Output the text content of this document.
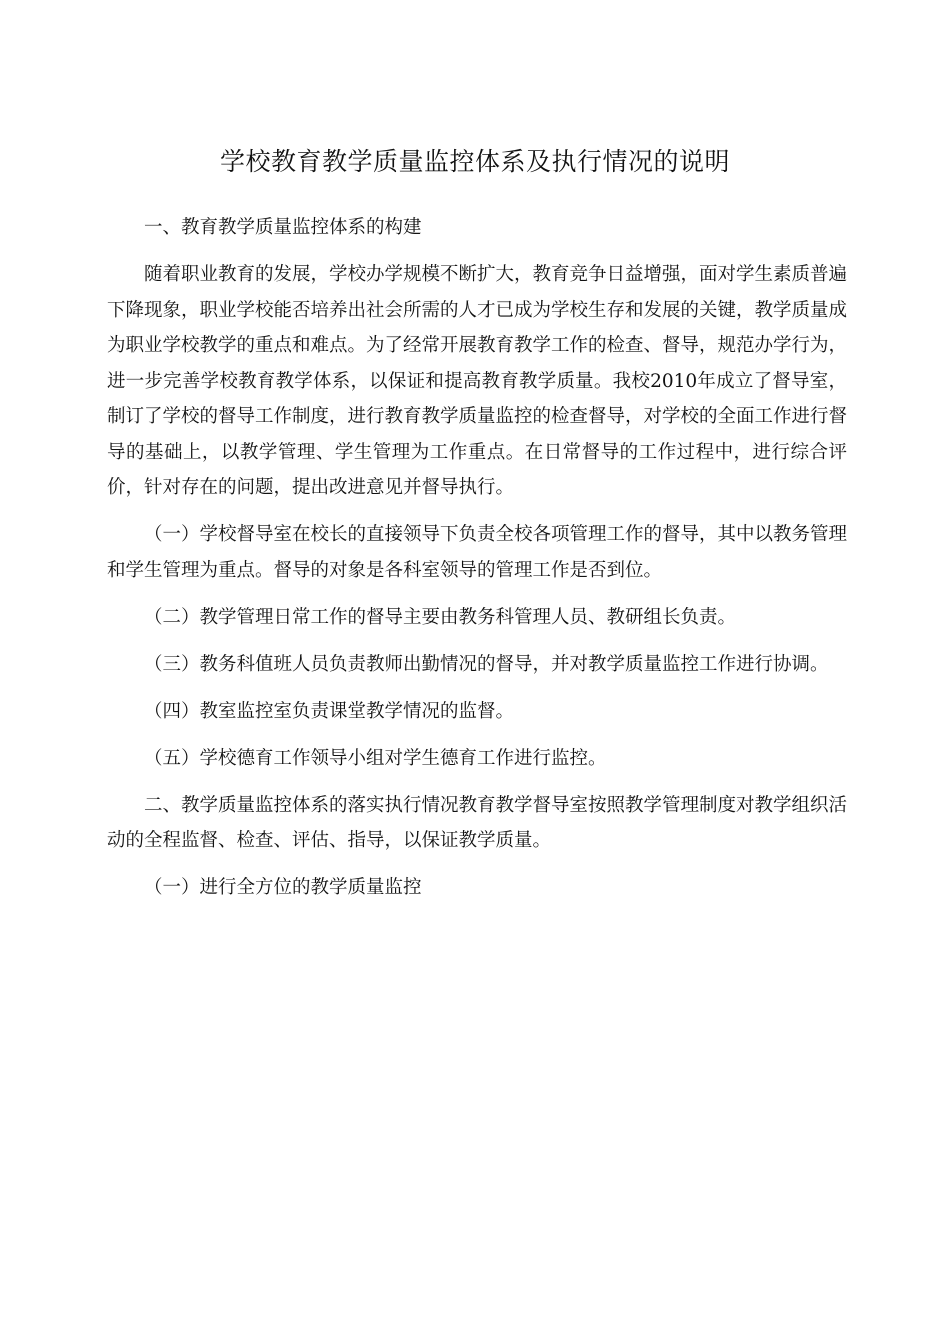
学校教育教学质量监控体系及执行情况的说明

一、教育教学质量监控体系的构建

随着职业教育的发展，学校办学规模不断扩大，教育竞争日益增强，面对学生素质普遍下降现象，职业学校能否培养出社会所需的人才已成为学校生存和发展的关键，教学质量成为职业学校教学的重点和难点。为了经常开展教育教学工作的检查、督导，规范办学行为，进一步完善学校教育教学体系，以保证和提高教育教学质量。我校2010年成立了督导室，制订了学校的督导工作制度，进行教育教学质量监控的检查督导，对学校的全面工作进行督导的基础上，以教学管理、学生管理为工作重点。在日常督导的工作过程中，进行综合评价，针对存在的问题，提出改进意见并督导执行。

（一）学校督导室在校长的直接领导下负责全校各项管理工作的督导，其中以教务管理和学生管理为重点。督导的对象是各科室领导的管理工作是否到位。

（二）教学管理日常工作的督导主要由教务科管理人员、教研组长负责。

（三）教务科值班人员负责教师出勤情况的督导，并对教学质量监控工作进行协调。

（四）教室监控室负责课堂教学情况的监督。

（五）学校德育工作领导小组对学生德育工作进行监控。

二、教学质量监控体系的落实执行情况教育教学督导室按照教学管理制度对教学组织活动的全程监督、检查、评估、指导，以保证教学质量。

（一）进行全方位的教学质量监控
